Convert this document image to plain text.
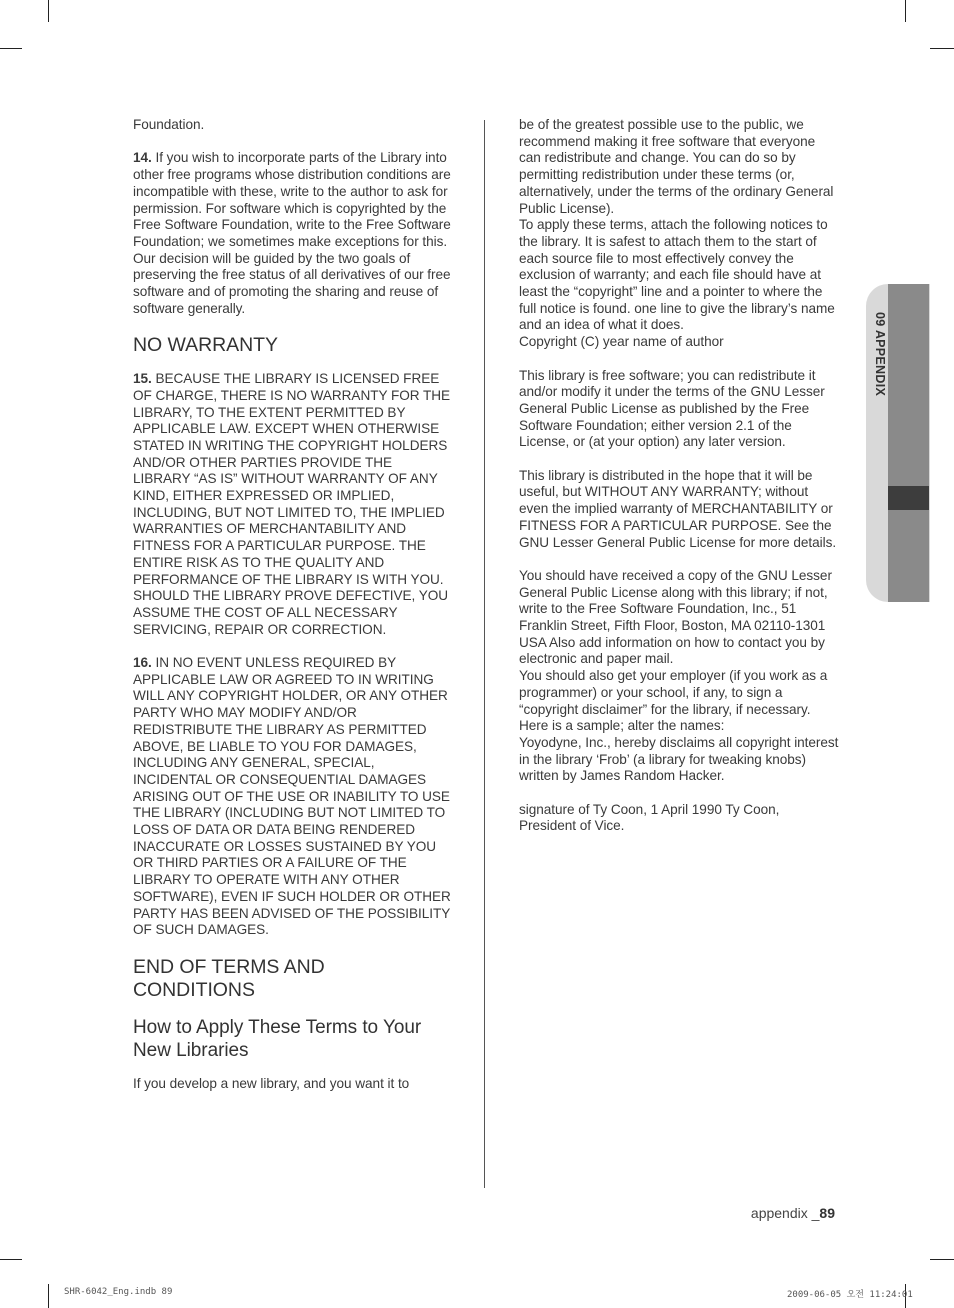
Foundation.

14. If you wish to incorporate parts of the Library into other free programs whose distribution conditions are incompatible with these, write to the author to ask for permission. For software which is copyrighted by the Free Software Foundation, write to the Free Software Foundation; we sometimes make exceptions for this. Our decision will be guided by the two goals of preserving the free status of all derivatives of our free software and of promoting the sharing and reuse of software generally.

NO WARRANTY

15. BECAUSE THE LIBRARY IS LICENSED FREE OF CHARGE, THERE IS NO WARRANTY FOR THE LIBRARY, TO THE EXTENT PERMITTED BY APPLICABLE LAW. EXCEPT WHEN OTHERWISE STATED IN WRITING THE COPYRIGHT HOLDERS AND/OR OTHER PARTIES PROVIDE THE LIBRARY “AS IS” WITHOUT WARRANTY OF ANY KIND, EITHER EXPRESSED OR IMPLIED, INCLUDING, BUT NOT LIMITED TO, THE IMPLIED WARRANTIES OF MERCHANTABILITY AND FITNESS FOR A PARTICULAR PURPOSE. THE ENTIRE RISK AS TO THE QUALITY AND PERFORMANCE OF THE LIBRARY IS WITH YOU. SHOULD THE LIBRARY PROVE DEFECTIVE, YOU ASSUME THE COST OF ALL NECESSARY SERVICING, REPAIR OR CORRECTION.

16. IN NO EVENT UNLESS REQUIRED BY APPLICABLE LAW OR AGREED TO IN WRITING WILL ANY COPYRIGHT HOLDER, OR ANY OTHER PARTY WHO MAY MODIFY AND/OR REDISTRIBUTE THE LIBRARY AS PERMITTED ABOVE, BE LIABLE TO YOU FOR DAMAGES, INCLUDING ANY GENERAL, SPECIAL, INCIDENTAL OR CONSEQUENTIAL DAMAGES ARISING OUT OF THE USE OR INABILITY TO USE THE LIBRARY (INCLUDING BUT NOT LIMITED TO LOSS OF DATA OR DATA BEING RENDERED INACCURATE OR LOSSES SUSTAINED BY YOU OR THIRD PARTIES OR A FAILURE OF THE LIBRARY TO OPERATE WITH ANY OTHER SOFTWARE), EVEN IF SUCH HOLDER OR OTHER PARTY HAS BEEN ADVISED OF THE POSSIBILITY OF SUCH DAMAGES.

END OF TERMS AND CONDITIONS
How to Apply These Terms to Your New Libraries

If you develop a new library, and you want it to

be of the greatest possible use to the public, we recommend making it free software that everyone can redistribute and change. You can do so by permitting redistribution under these terms (or, alternatively, under the terms of the ordinary General Public License).

To apply these terms, attach the following notices to the library. It is safest to attach them to the start of each source file to most effectively convey the exclusion of warranty; and each file should have at least the “copyright” line and a pointer to where the full notice is found. one line to give the library’s name and an idea of what it does.

Copyright (C) year name of author

This library is free software; you can redistribute it and/or modify it under the terms of the GNU Lesser General Public License as published by the Free Software Foundation; either version 2.1 of the License, or (at your option) any later version.

This library is distributed in the hope that it will be useful, but WITHOUT ANY WARRANTY; without even the implied warranty of MERCHANTABILITY or FITNESS FOR A PARTICULAR PURPOSE. See the GNU Lesser General Public License for more details.

You should have received a copy of the GNU Lesser General Public License along with this library; if not, write to the Free Software Foundation, Inc., 51 Franklin Street, Fifth Floor, Boston, MA 02110-1301 USA Also add information on how to contact you by electronic and paper mail.

You should also get your employer (if you work as a programmer) or your school, if any, to sign a “copyright disclaimer” for the library, if necessary. Here is a sample; alter the names:

Yoyodyne, Inc., hereby disclaims all copyright interest in the library ‘Frob’ (a library for tweaking knobs) written by James Random Hacker.

signature of Ty Coon, 1 April 1990 Ty Coon, President of Vice.

09 APPENDIX
appendix _89
SHR-6042_Eng.indb 89	2009-06-05 오전 11:24:01
